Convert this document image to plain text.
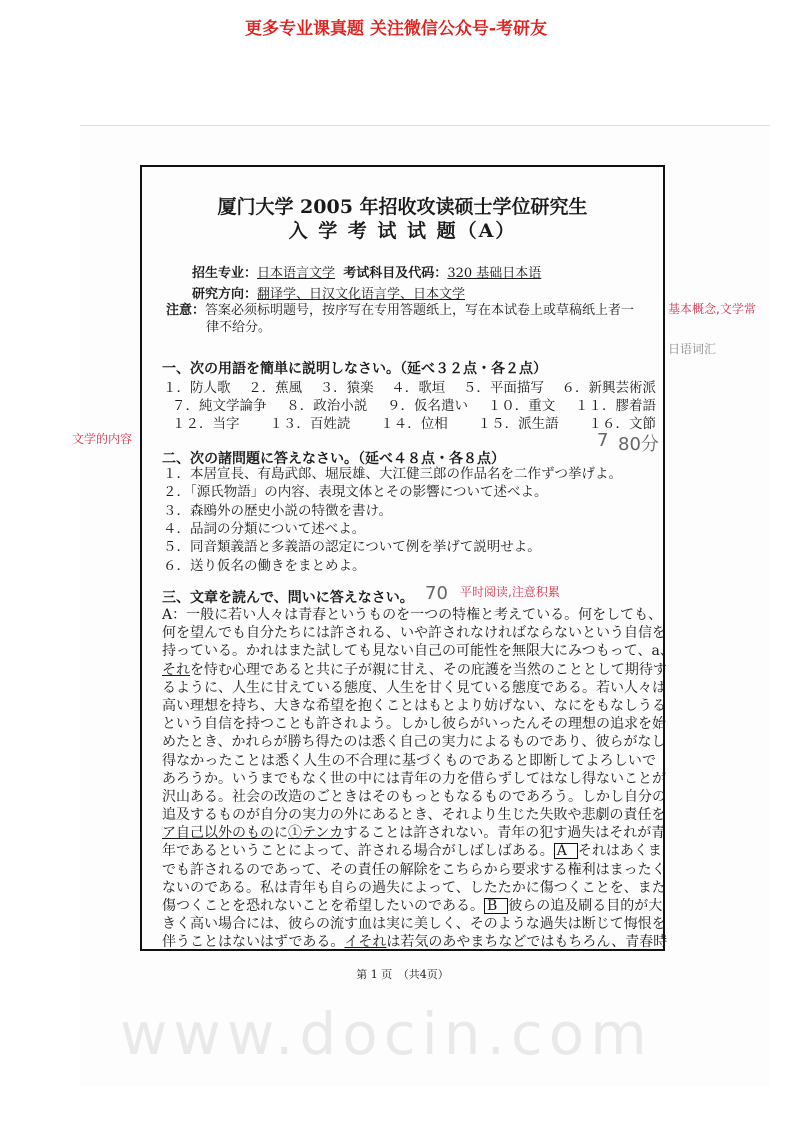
更多专业课真题 关注微信公众号-考研友
www.docin.com
厦门大学 2005 年招收攻读硕士学位研究生
入 学 考 试 试 题（A）
招生专业：日本语言文学 考试科目及代码：320 基础日本语
研究方向：翻译学、日汉文化语言学、日本文学
注意：答案必须标明题号，按序写在专用答题纸上，写在本试卷上或草稿纸上者一
律不给分。
一、次の用語を簡単に説明しなさい。（延べ３２点・各２点）
１．防人歌 ２．蕉風 ３．猿楽 ４．歌垣 ５．平面描写 ６．新興芸術派
７．純文学論争 ８．政治小説 ９．仮名遣い １０．重文 １１．膠着語
１２．当字 １３．百姓読 １４．位相 １５．派生語 １６．文節
二、次の諸問題に答えなさい。（延べ４８点・各８点）
１．本居宣長、有島武郎、堀辰雄、大江健三郎の作品名を二作ずつ挙げよ。
２．「源氏物語」の内容、表現文体とその影響について述べよ。
３．森鴎外の歴史小説の特徴を書け。
４．品詞の分類について述べよ。
５．同音類義語と多義語の認定について例を挙げて説明せよ。
６．送り仮名の働きをまとめよ。
三、文章を読んで、問いに答えなさい。
A：一般に若い人々は青春というものを一つの特権と考えている。何をしても、
何を望んでも自分たちには許される、いや許されなければならないという自信を
持っている。かれはまた試しても見ない自己の可能性を無限大にみつもって、a、
それを恃む心理であると共に子が親に甘え、その庇護を当然のこととして期待す
るように、人生に甘えている態度、人生を甘く見ている態度である。若い人々は
高い理想を持ち、大きな希望を抱くことはもとより妨げない、なにをもなしうる
という自信を持つことも許されよう。しかし彼らがいったんその理想の追求を始
めたとき、かれらが勝ち得たのは悉く自己の実力によるものであり、彼らがなし
得なかったことは悉く人生の不合理に基づくものであると即断してよろしいで
あろうか。いうまでもなく世の中には青年の力を借らずしてはなし得ないことが
沢山ある。社会の改造のごときはそのもっともなるものであろう。しかし自分の
追及するものが自分の実力の外にあるとき、それより生じた失敗や悲劇の責任を
ア自己以外のものに①テンカすることは許されない。青年の犯す過失はそれが青
年であるということによって、許される場合がしばしばある。 A それはあくま
でも許されるのであって、その責任の解除をこちらから要求する権利はまったく
ないのである。私は青年も自らの過失によって、したたかに傷つくことを、また
傷つくことを恐れないことを希望したいのである。 B 彼らの追及刷る目的が大
きく高い場合には、彼らの流す血は実に美しく、そのような過失は断じて悔恨を
伴うことはないはずである。イそれは若気のあやまちなどではもちろん、青春時
第 1 页　（共4页）
7 80分
70
基本概念,文学常
文学的内容
日语词汇
平时阅读,注意积累
